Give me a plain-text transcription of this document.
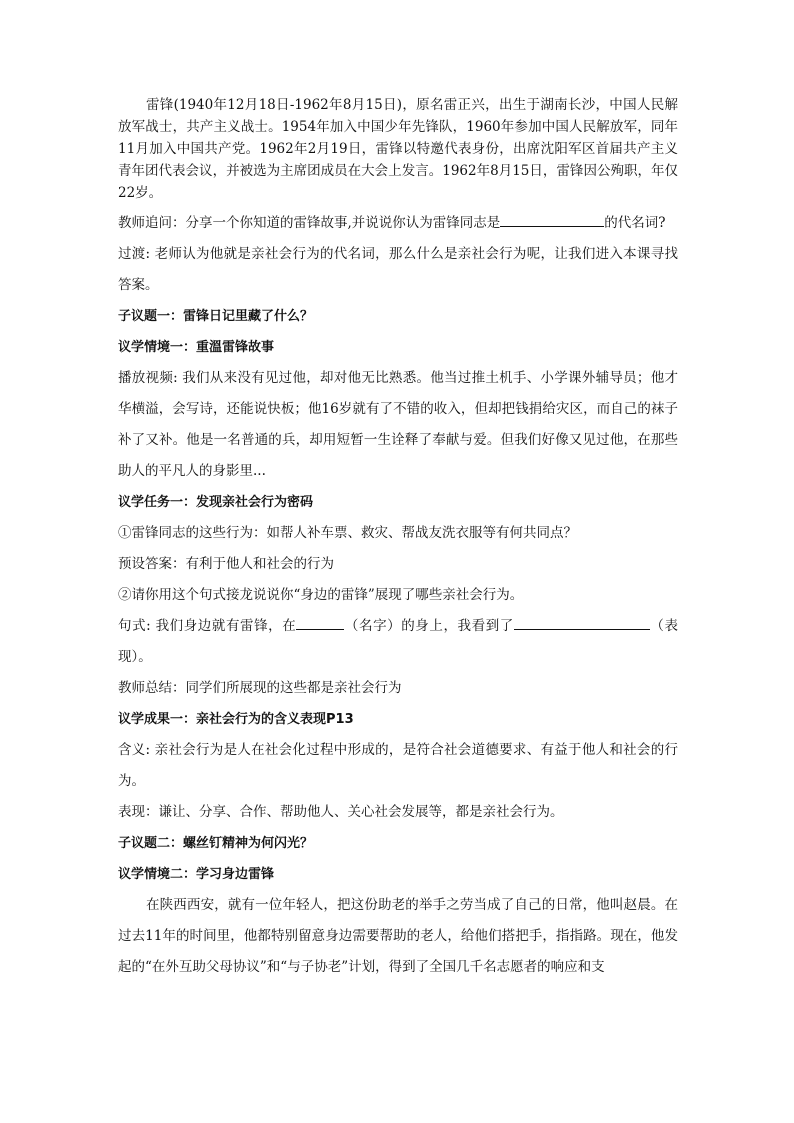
雷锋(1940年12月18日-1962年8月15日)，原名雷正兴，出生于湖南长沙，中国人民解放军战士，共产主义战士。1954年加入中国少年先锋队，1960年参加中国人民解放军，同年11月加入中国共产党。1962年2月19日，雷锋以特邀代表身份，出席沈阳军区首届共产主义青年团代表会议，并被选为主席团成员在大会上发言。1962年8月15日，雷锋因公殉职，年仅22岁。

教师追问：分享一个你知道的雷锋故事,并说说你认为雷锋同志是	的代名词?

过渡: 老师认为他就是亲社会行为的代名词，那么什么是亲社会行为呢，让我们进入本课寻找答案。

子议题一：雷锋日记里藏了什么？

议学情境一：重溫雷锋故事

播放视频: 我们从来没有见过他，却对他无比熟悉。他当过推土机手、小学课外辅导员；他才华横溢，会写诗，还能说快板；他16岁就有了不错的收入，但却把钱捐给灾区，而自己的袜子补了又补。他是一名普通的兵，却用短暂一生诠释了奉献与爱。但我们好像又见过他，在那些助人的平凡人的身影里...

议学任务一：发现亲社会行为密码

①雷锋同志的这些行为：如帮人补车票、救灾、帮战友洗衣服等有何共同点？

预设答案：有利于他人和社会的行为

②请你用这个句式接龙说说你“身边的雷锋”展现了哪些亲社会行为。

句式: 我们身边就有雷锋，在	（名字）的身上，我看到了	（表现）。

教师总结：同学们所展现的这些都是亲社会行为

议学成果一：亲社会行为的含义表现P13

含义: 亲社会行为是人在社会化过程中形成的，是符合社会道德要求、有益于他人和社会的行为。

表现：谦让、分享、合作、帮助他人、关心社会发展等，都是亲社会行为。

子议题二：螺丝钉精神为何闪光？

议学情境二：学习身边雷锋

在陕西西安，就有一位年轻人，把这份助老的举手之劳当成了自己的日常，他叫赵晨。在过去11年的时间里，他都特别留意身边需要帮助的老人，给他们搭把手，指指路。现在，他发起的“在外互助父母协议”和“与子协老”计划，得到了全国几千名志愿者的响应和支
